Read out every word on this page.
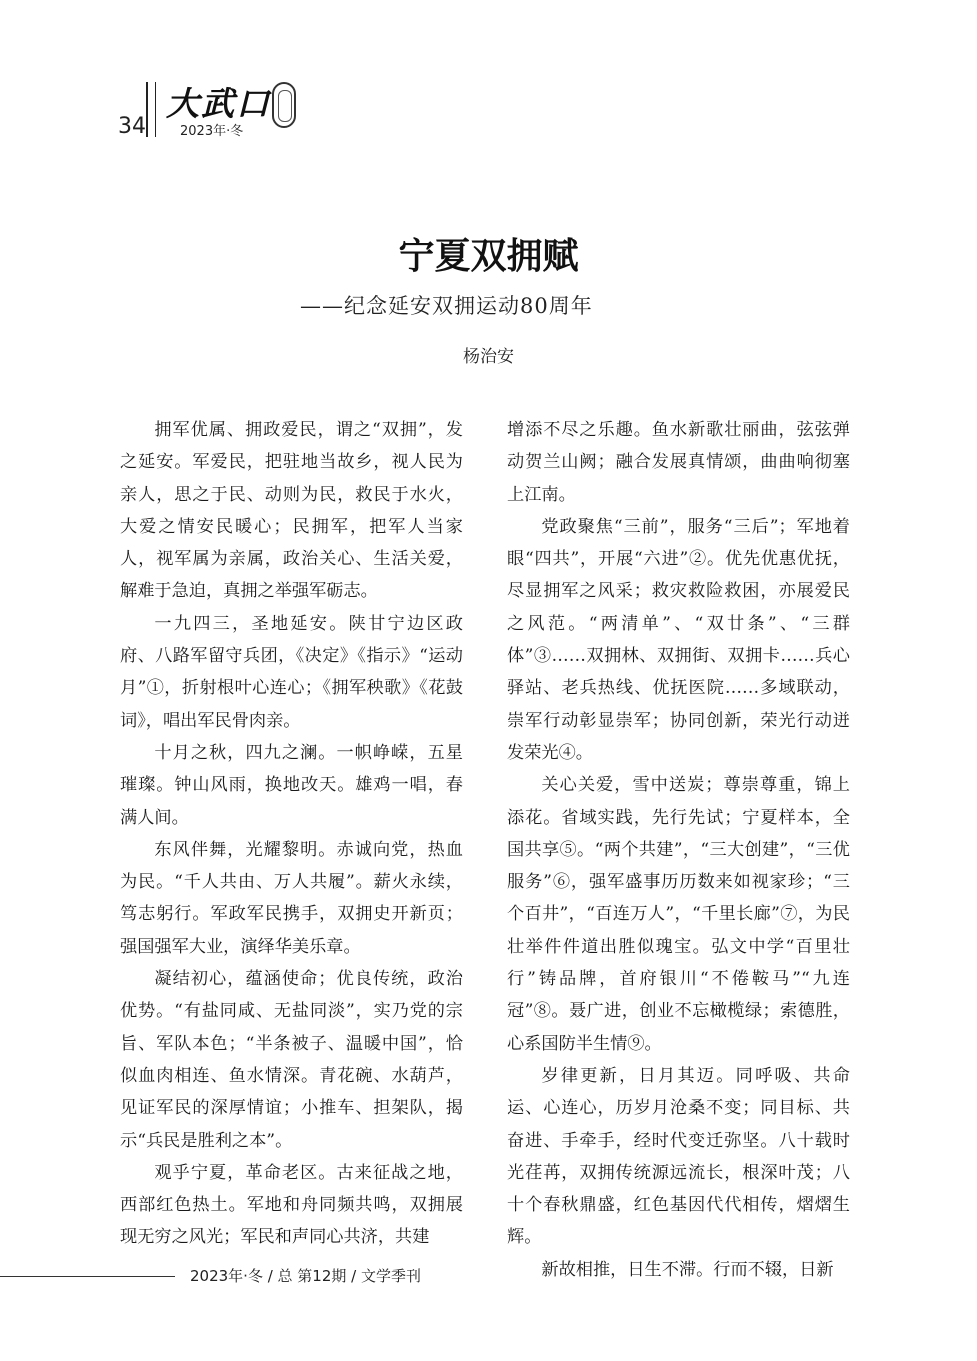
34
大武口
2023年·冬
宁夏双拥赋
——纪念延安双拥运动80周年
杨治安

拥军优属、拥政爱民，谓之“双拥”，发之延安。军爱民，把驻地当故乡，视人民为亲人，思之于民、动则为民，救民于水火，大爱之情安民暖心；民拥军，把军人当家人，视军属为亲属，政治关心、生活关爱，解难于急迫，真拥之举强军砺志。

一九四三，圣地延安。陕甘宁边区政府、八路军留守兵团，《决定》《指示》“运动月”①，折射根叶心连心；《拥军秧歌》《花鼓词》，唱出军民骨肉亲。

十月之秋，四九之澜。一帜峥嵘，五星璀璨。钟山风雨，换地改天。雄鸡一唱，春满人间。

东风伴舞，光耀黎明。赤诚向党，热血为民。“千人共由、万人共履”。薪火永续，笃志躬行。军政军民携手，双拥史开新页；强国强军大业，演绎华美乐章。

凝结初心，蕴涵使命；优良传统，政治优势。“有盐同咸、无盐同淡”，实乃党的宗旨、军队本色；“半条被子、温暖中国”，恰似血肉相连、鱼水情深。青花碗、水葫芦，见证军民的深厚情谊；小推车、担架队，揭示“兵民是胜利之本”。

观乎宁夏，革命老区。古来征战之地，西部红色热土。军地和舟同频共鸣，双拥展现无穷之风光；军民和声同心共济，共建

增添不尽之乐趣。鱼水新歌壮丽曲，弦弦弹动贺兰山阙；融合发展真情颂，曲曲响彻塞上江南。

党政聚焦“三前”，服务“三后”；军地着眼“四共”，开展“六进”②。优先优惠优抚，尽显拥军之风采；救灾救险救困，亦展爱民之风范。“两清单”、“双廿条”、“三群体”③……双拥林、双拥街、双拥卡……兵心驿站、老兵热线、优抚医院……多域联动，崇军行动彰显崇军；协同创新，荣光行动迸发荣光④。

关心关爱，雪中送炭；尊崇尊重，锦上添花。省域实践，先行先试；宁夏样本，全国共享⑤。“两个共建”，“三大创建”，“三优服务”⑥，强军盛事历历数来如视家珍；“三个百井”，“百连万人”，“千里长廊”⑦，为民壮举件件道出胜似瑰宝。弘文中学“百里壮行”铸品牌，首府银川“不倦鞍马”“九连冠”⑧。聂广进，创业不忘橄榄绿；索德胜，心系国防半生情⑨。

岁律更新，日月其迈。同呼吸、共命运、心连心，历岁月沧桑不变；同目标、共奋进、手牵手，经时代变迁弥坚。八十载时光荏苒，双拥传统源远流长，根深叶茂；八十个春秋鼎盛，红色基因代代相传，熠熠生辉。

新故相推，日生不滞。行而不辍，日新

2023年·冬 / 总 第12期 / 文学季刊
